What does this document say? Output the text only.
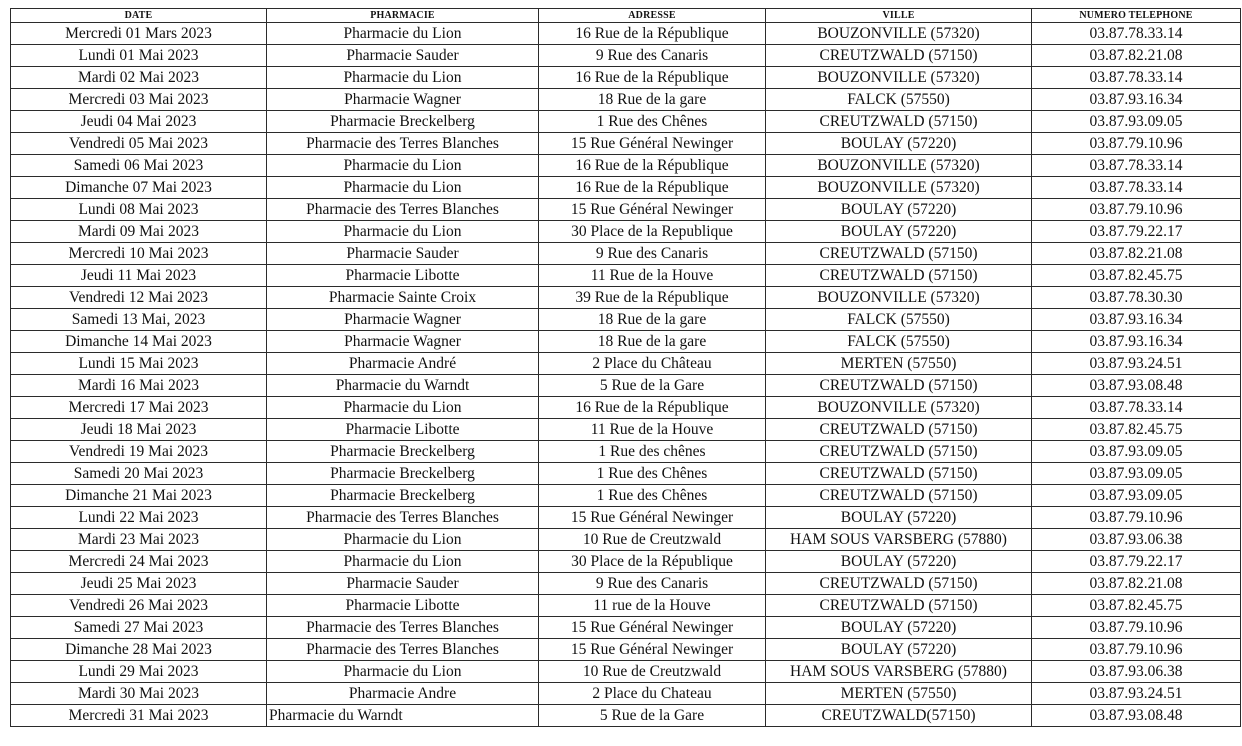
DATE	PHARMACIE	ADRESSE	VILLE	NUMERO TELEPHONE
Mercredi 01 Mars 2023	Pharmacie du Lion	16 Rue de la République	BOUZONVILLE (57320)	03.87.78.33.14
Lundi 01 Mai 2023	Pharmacie Sauder	9 Rue des Canaris	CREUTZWALD (57150)	03.87.82.21.08
Mardi 02 Mai 2023	Pharmacie du Lion	16 Rue de la République	BOUZONVILLE (57320)	03.87.78.33.14
Mercredi 03 Mai 2023	Pharmacie Wagner	18 Rue de la gare	FALCK (57550)	03.87.93.16.34
Jeudi 04 Mai 2023	Pharmacie Breckelberg	1 Rue des Chênes	CREUTZWALD (57150)	03.87.93.09.05
Vendredi 05 Mai 2023	Pharmacie des Terres Blanches	15 Rue Général Newinger	BOULAY (57220)	03.87.79.10.96
Samedi 06 Mai 2023	Pharmacie du Lion	16 Rue de la République	BOUZONVILLE (57320)	03.87.78.33.14
Dimanche 07 Mai 2023	Pharmacie du Lion	16 Rue de la République	BOUZONVILLE (57320)	03.87.78.33.14
Lundi 08 Mai 2023	Pharmacie des Terres Blanches	15 Rue Général Newinger	BOULAY (57220)	03.87.79.10.96
Mardi 09 Mai 2023	Pharmacie du Lion	30 Place de la Republique	BOULAY (57220)	03.87.79.22.17
Mercredi 10 Mai 2023	Pharmacie Sauder	9 Rue des Canaris	CREUTZWALD (57150)	03.87.82.21.08
Jeudi 11 Mai 2023	Pharmacie Libotte	11 Rue de la Houve	CREUTZWALD (57150)	03.87.82.45.75
Vendredi 12 Mai 2023	Pharmacie Sainte Croix	39 Rue de la République	BOUZONVILLE (57320)	03.87.78.30.30
Samedi 13 Mai, 2023	Pharmacie Wagner	18 Rue de la gare	FALCK (57550)	03.87.93.16.34
Dimanche 14 Mai 2023	Pharmacie Wagner	18 Rue de la gare	FALCK (57550)	03.87.93.16.34
Lundi 15 Mai 2023	Pharmacie André	2 Place du Château	MERTEN (57550)	03.87.93.24.51
Mardi 16 Mai 2023	Pharmacie du Warndt	5 Rue de la Gare	CREUTZWALD (57150)	03.87.93.08.48
Mercredi 17 Mai 2023	Pharmacie du Lion	16 Rue de la République	BOUZONVILLE (57320)	03.87.78.33.14
Jeudi 18 Mai 2023	Pharmacie Libotte	11 Rue de la Houve	CREUTZWALD (57150)	03.87.82.45.75
Vendredi 19 Mai 2023	Pharmacie Breckelberg	1 Rue des chênes	CREUTZWALD (57150)	03.87.93.09.05
Samedi 20 Mai 2023	Pharmacie Breckelberg	1 Rue des Chênes	CREUTZWALD (57150)	03.87.93.09.05
Dimanche 21 Mai 2023	Pharmacie Breckelberg	1 Rue des Chênes	CREUTZWALD (57150)	03.87.93.09.05
Lundi 22 Mai 2023	Pharmacie des Terres Blanches	15 Rue Général Newinger	BOULAY (57220)	03.87.79.10.96
Mardi 23 Mai 2023	Pharmacie du Lion	10 Rue de Creutzwald	HAM SOUS VARSBERG (57880)	03.87.93.06.38
Mercredi 24 Mai 2023	Pharmacie du Lion	30 Place de la République	BOULAY (57220)	03.87.79.22.17
Jeudi 25 Mai 2023	Pharmacie Sauder	9 Rue des Canaris	CREUTZWALD (57150)	03.87.82.21.08
Vendredi 26 Mai 2023	Pharmacie Libotte	11 rue de la Houve	CREUTZWALD (57150)	03.87.82.45.75
Samedi 27 Mai 2023	Pharmacie des Terres Blanches	15 Rue Général Newinger	BOULAY (57220)	03.87.79.10.96
Dimanche 28 Mai 2023	Pharmacie des Terres Blanches	15 Rue Général Newinger	BOULAY (57220)	03.87.79.10.96
Lundi 29 Mai 2023	Pharmacie du Lion	10 Rue de Creutzwald	HAM SOUS VARSBERG (57880)	03.87.93.06.38
Mardi 30 Mai 2023	Pharmacie Andre	2 Place du Chateau	MERTEN (57550)	03.87.93.24.51
Mercredi 31 Mai 2023	Pharmacie du Warndt	5 Rue de la Gare	CREUTZWALD(57150)	03.87.93.08.48
